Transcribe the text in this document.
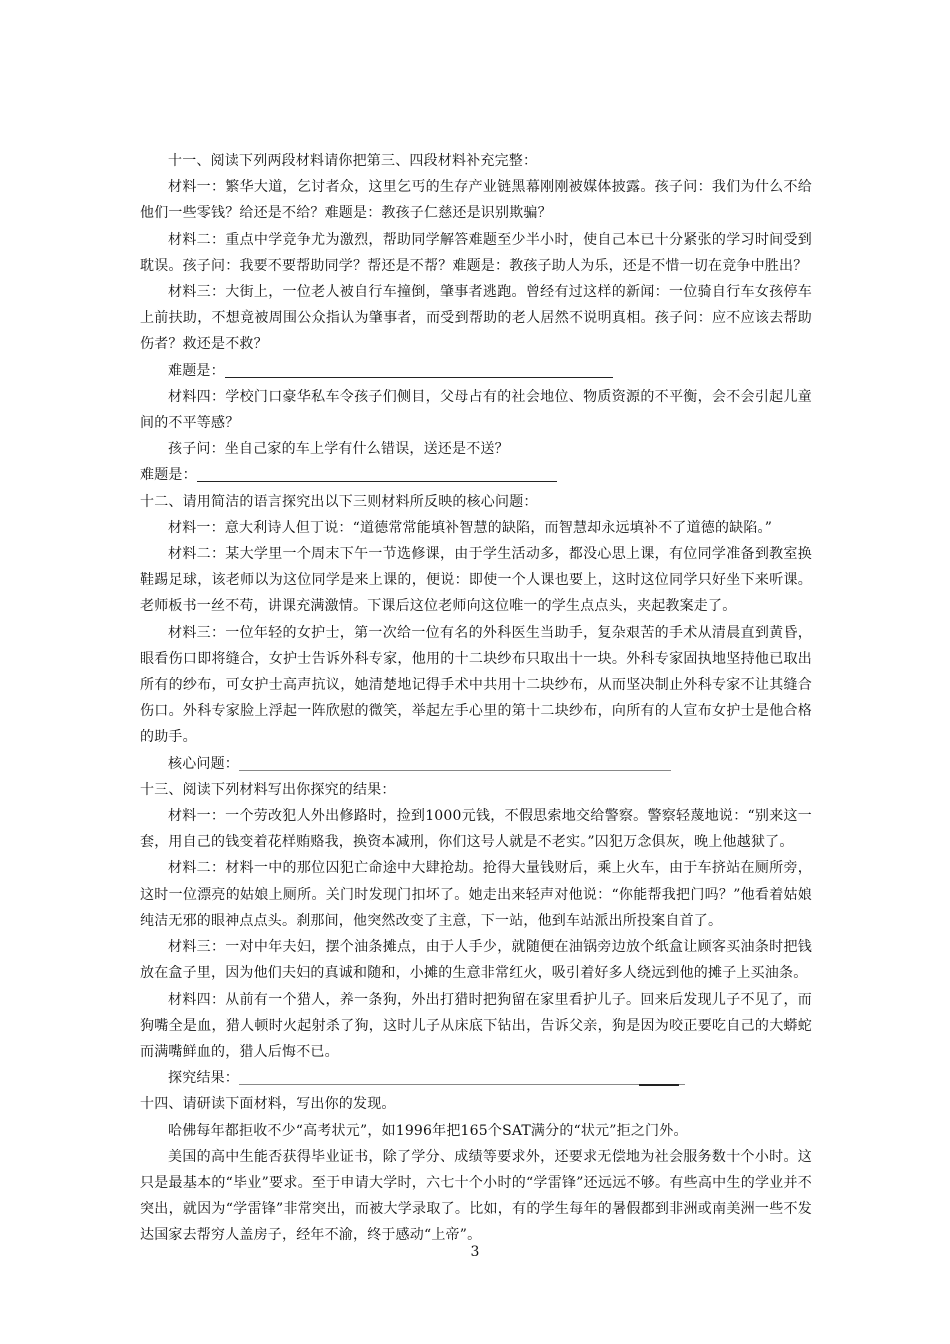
十一、阅读下列两段材料请你把第三、四段材料补充完整：

材料一：繁华大道，乞讨者众，这里乞丐的生存产业链黑幕刚刚被媒体披露。孩子问：我们为什么不给他们一些零钱？给还是不给？难题是：教孩子仁慈还是识别欺骗？

材料二：重点中学竞争尤为激烈，帮助同学解答难题至少半小时，使自己本已十分紧张的学习时间受到耽误。孩子问：我要不要帮助同学？帮还是不帮？难题是：教孩子助人为乐，还是不惜一切在竞争中胜出？

材料三：大街上，一位老人被自行车撞倒，肇事者逃跑。曾经有过这样的新闻：一位骑自行车女孩停车上前扶助，不想竟被周围公众指认为肇事者，而受到帮助的老人居然不说明真相。孩子问：应不应该去帮助伤者？救还是不救？

难题是：

材料四：学校门口豪华私车令孩子们侧目，父母占有的社会地位、物质资源的不平衡，会不会引起儿童间的不平等感？

孩子问：坐自己家的车上学有什么错误，送还是不送？

难题是：

十二、请用简洁的语言探究出以下三则材料所反映的核心问题：

材料一：意大利诗人但丁说：“道德常常能填补智慧的缺陷，而智慧却永远填补不了道德的缺陷。”

材料二：某大学里一个周末下午一节选修课，由于学生活动多，都没心思上课，有位同学准备到教室换鞋踢足球，该老师以为这位同学是来上课的，便说：即使一个人课也要上，这时这位同学只好坐下来听课。老师板书一丝不苟，讲课充满激情。下课后这位老师向这位唯一的学生点点头，夹起教案走了。

材料三：一位年轻的女护士，第一次给一位有名的外科医生当助手，复杂艰苦的手术从清晨直到黄昏，眼看伤口即将缝合，女护士告诉外科专家，他用的十二块纱布只取出十一块。外科专家固执地坚持他已取出所有的纱布，可女护士高声抗议，她清楚地记得手术中共用十二块纱布，从而坚决制止外科专家不让其缝合伤口。外科专家脸上浮起一阵欣慰的微笑，举起左手心里的第十二块纱布，向所有的人宣布女护士是他合格的助手。

核心问题：

十三、阅读下列材料写出你探究的结果：

材料一：一个劳改犯人外出修路时，捡到1000元钱，不假思索地交给警察。警察轻蔑地说：“别来这一套，用自己的钱变着花样贿赂我，换资本减刑，你们这号人就是不老实。”囚犯万念俱灰，晚上他越狱了。

材料二：材料一中的那位囚犯亡命途中大肆抢劫。抢得大量钱财后，乘上火车，由于车挤站在厕所旁，这时一位漂亮的姑娘上厕所。关门时发现门扣坏了。她走出来轻声对他说：“你能帮我把门吗？”他看着姑娘纯洁无邪的眼神点点头。刹那间，他突然改变了主意，下一站，他到车站派出所投案自首了。

材料三：一对中年夫妇，摆个油条摊点，由于人手少，就随便在油锅旁边放个纸盒让顾客买油条时把钱放在盒子里，因为他们夫妇的真诚和随和，小摊的生意非常红火，吸引着好多人绕远到他的摊子上买油条。

材料四：从前有一个猎人，养一条狗，外出打猎时把狗留在家里看护儿子。回来后发现儿子不见了，而狗嘴全是血，猎人顿时火起射杀了狗，这时儿子从床底下钻出，告诉父亲，狗是因为咬正要吃自己的大蟒蛇而满嘴鲜血的，猎人后悔不已。

探究结果：

十四、请研读下面材料，写出你的发现。

哈佛每年都拒收不少“高考状元”，如1996年把165个SAT满分的“状元”拒之门外。

美国的高中生能否获得毕业证书，除了学分、成绩等要求外，还要求无偿地为社会服务数十个小时。这只是最基本的“毕业”要求。至于申请大学时，六七十个小时的“学雷锋”还远远不够。有些高中生的学业并不突出，就因为“学雷锋”非常突出，而被大学录取了。比如，有的学生每年的暑假都到非洲或南美洲一些不发达国家去帮穷人盖房子，经年不渝，终于感动“上帝”。

3
